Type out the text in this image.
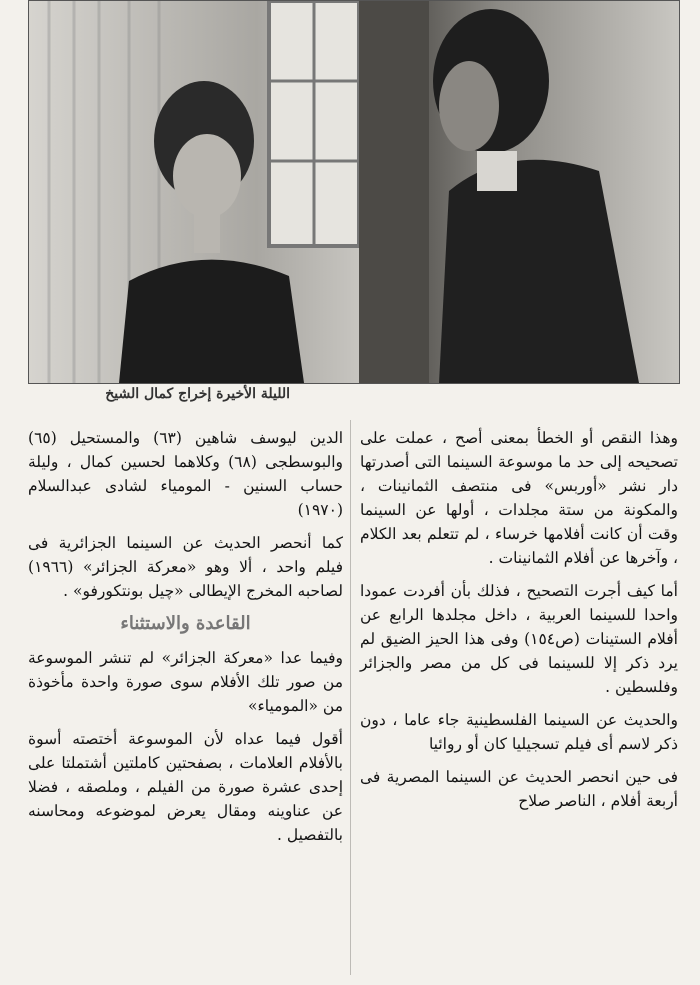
الليلة الأخيرة إخراج كمال الشيخ

وهذا النقص أو الخطأ بمعنى أصح ، عملت على تصحيحه إلى حد ما موسوعة السينما التى أصدرتها دار نشر «أوربس» فى منتصف الثمانينات ، والمكونة من ستة مجلدات ، أولها عن السينما وقت أن كانت أفلامها خرساء ، لم تتعلم بعد الكلام ، وآخرها عن أفلام الثمانينات .

أما كيف أجرت التصحيح ، فذلك بأن أفردت عمودا واحدا للسينما العربية ، داخل مجلدها الرابع عن أفلام الستينات (ص١٥٤) وفى هذا الحيز الضيق لم يرد ذكر إلا للسينما فى كل من مصر والجزائر وفلسطين .

والحديث عن السينما الفلسطينية جاء عاما ، دون ذكر لاسم أى فيلم تسجيليا كان أو روائيا

فى حين انحصر الحديث عن السينما المصرية فى أربعة أفلام ، الناصر صلاح

الدين ليوسف شاهين (٦٣) والمستحيل (٦٥) والبوسطجى (٦٨) وكلاهما لحسين كمال ، وليلة حساب السنين - المومياء لشادى عبدالسلام (١٩٧٠)

كما أنحصر الحديث عن السينما الجزائرية فى فيلم واحد ، ألا وهو «معركة الجزائر» (١٩٦٦) لصاحبه المخرج الإيطالى «چيل بونتكورفو» .

القاعدة والاستثناء

وفيما عدا «معركة الجزائر» لم تنشر الموسوعة من صور تلك الأفلام سوى صورة واحدة مأخوذة من «المومياء»

أقول فيما عداه لأن الموسوعة أختصته أسوة بالأفلام العلامات ، بصفحتين كاملتين أشتملتا على إحدى عشرة صورة من الفيلم ، وملصقه ، فضلا عن عناوينه ومقال يعرض لموضوعه ومحاسنه بالتفصيل .
